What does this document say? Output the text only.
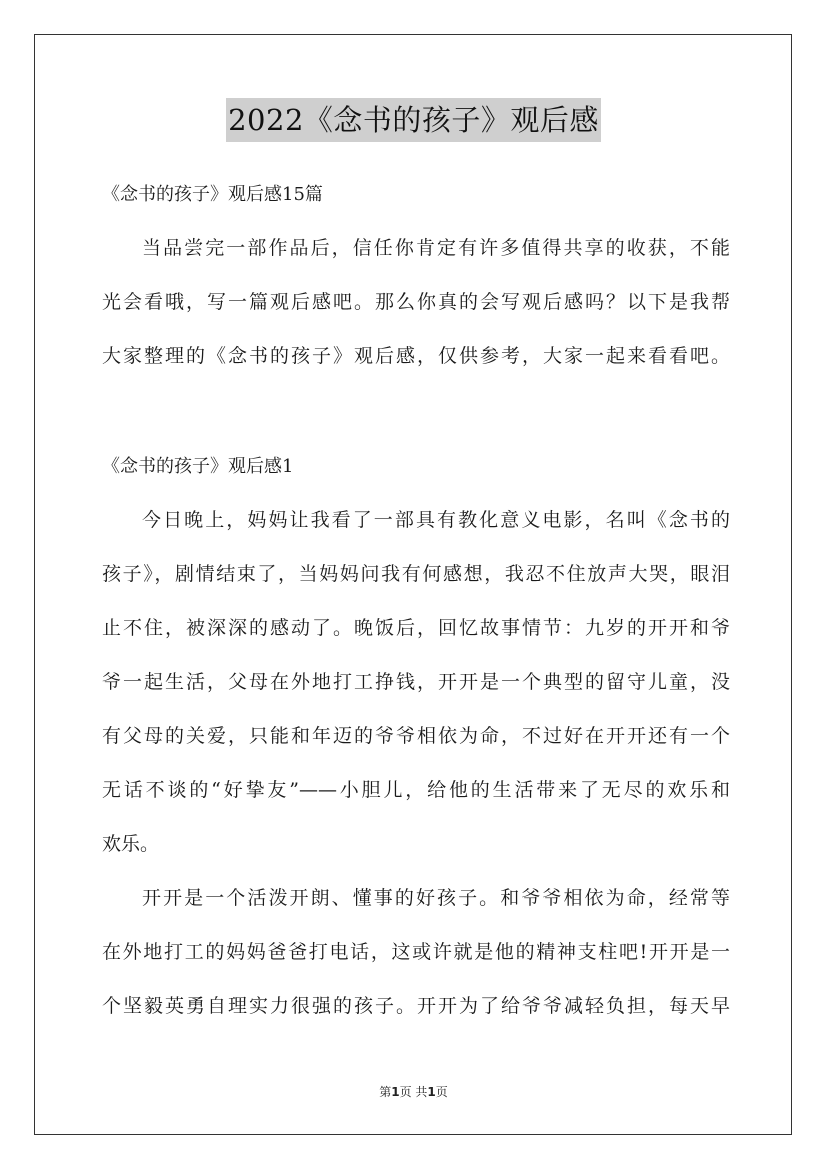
2022《念书的孩子》观后感
《念书的孩子》观后感15篇
当品尝完一部作品后，信任你肯定有许多值得共享的收获，不能
光会看哦，写一篇观后感吧。那么你真的会写观后感吗？以下是我帮
大家整理的《念书的孩子》观后感，仅供参考，大家一起来看看吧。
《念书的孩子》观后感1
今日晚上，妈妈让我看了一部具有教化意义电影，名叫《念书的
孩子》，剧情结束了，当妈妈问我有何感想，我忍不住放声大哭，眼泪
止不住，被深深的感动了。晚饭后，回忆故事情节：九岁的开开和爷
爷一起生活，父母在外地打工挣钱，开开是一个典型的留守儿童，没
有父母的关爱，只能和年迈的爷爷相依为命，不过好在开开还有一个
无话不谈的“好挚友”——小胆儿，给他的生活带来了无尽的欢乐和
欢乐。
开开是一个活泼开朗、懂事的好孩子。和爷爷相依为命，经常等
在外地打工的妈妈爸爸打电话，这或许就是他的精神支柱吧!开开是一
个坚毅英勇自理实力很强的孩子。开开为了给爷爷减轻负担，每天早
第1页 共1页
